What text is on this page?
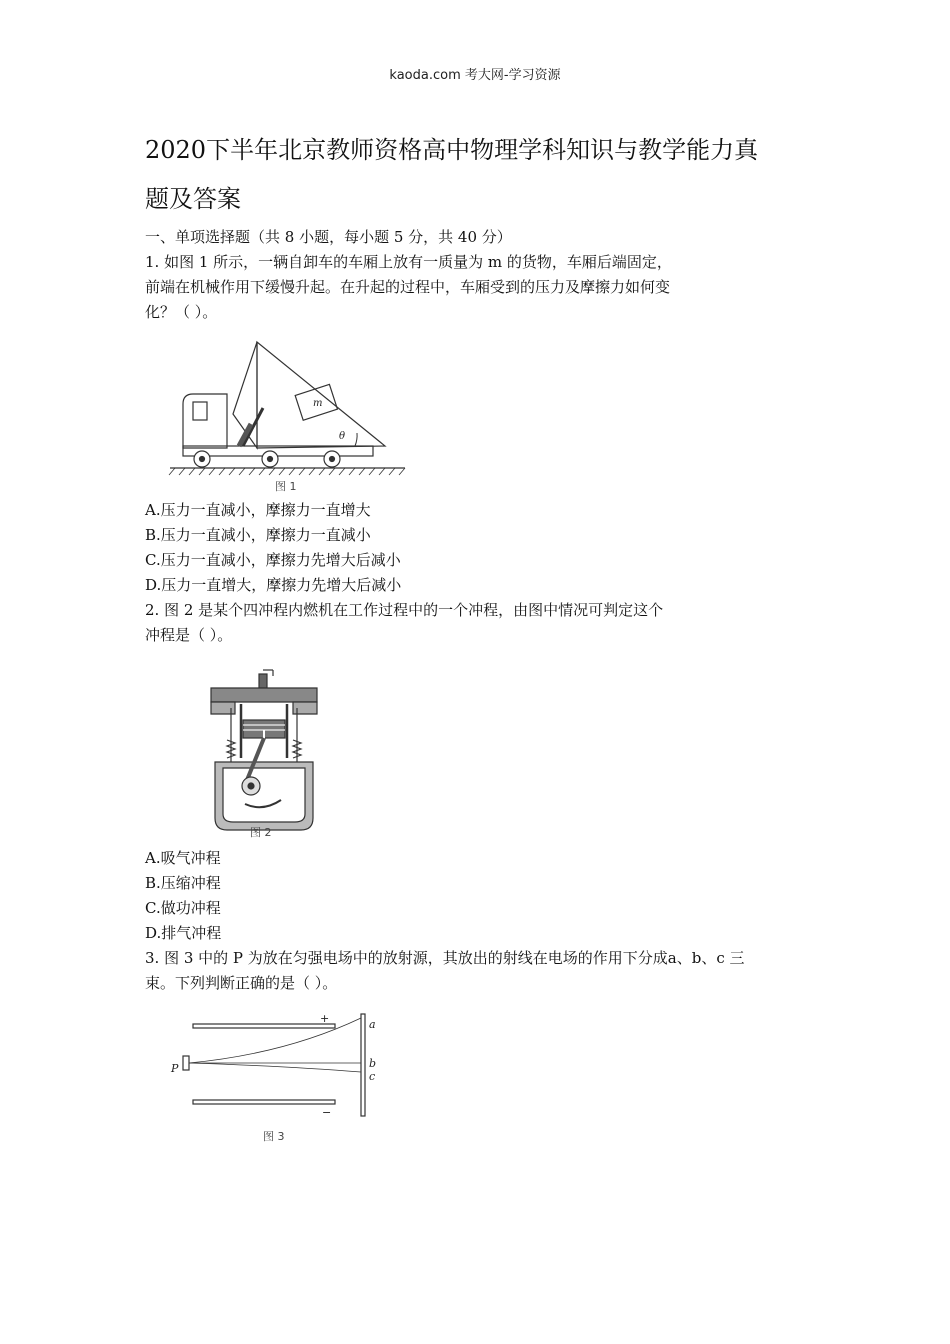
kaoda.com 考大网-学习资源
2020下半年北京教师资格高中物理学科知识与教学能力真
题及答案
一、单项选择题（共 8 小题，每小题 5 分，共 40 分）
1. 如图 1 所示，一辆自卸车的车厢上放有一质量为 m 的货物，车厢后端固定，
前端在机械作用下缓慢升起。在升起的过程中，车厢受到的压力及摩擦力如何变
化？（ ）。
m
θ
图 1
A.压力一直减小，摩擦力一直增大
B.压力一直减小，摩擦力一直减小
C.压力一直减小，摩擦力先增大后减小
D.压力一直增大，摩擦力先增大后减小
2. 图 2 是某个四冲程内燃机在工作过程中的一个冲程，由图中情况可判定这个
冲程是（ ）。
图 2
A.吸气冲程
B.压缩冲程
C.做功冲程
D.排气冲程
3. 图 3 中的 P 为放在匀强电场中的放射源，其放出的射线在电场的作用下分成a、b、c 三
束。下列判断正确的是（ ）。
+
−
P
a
b
c
图 3
